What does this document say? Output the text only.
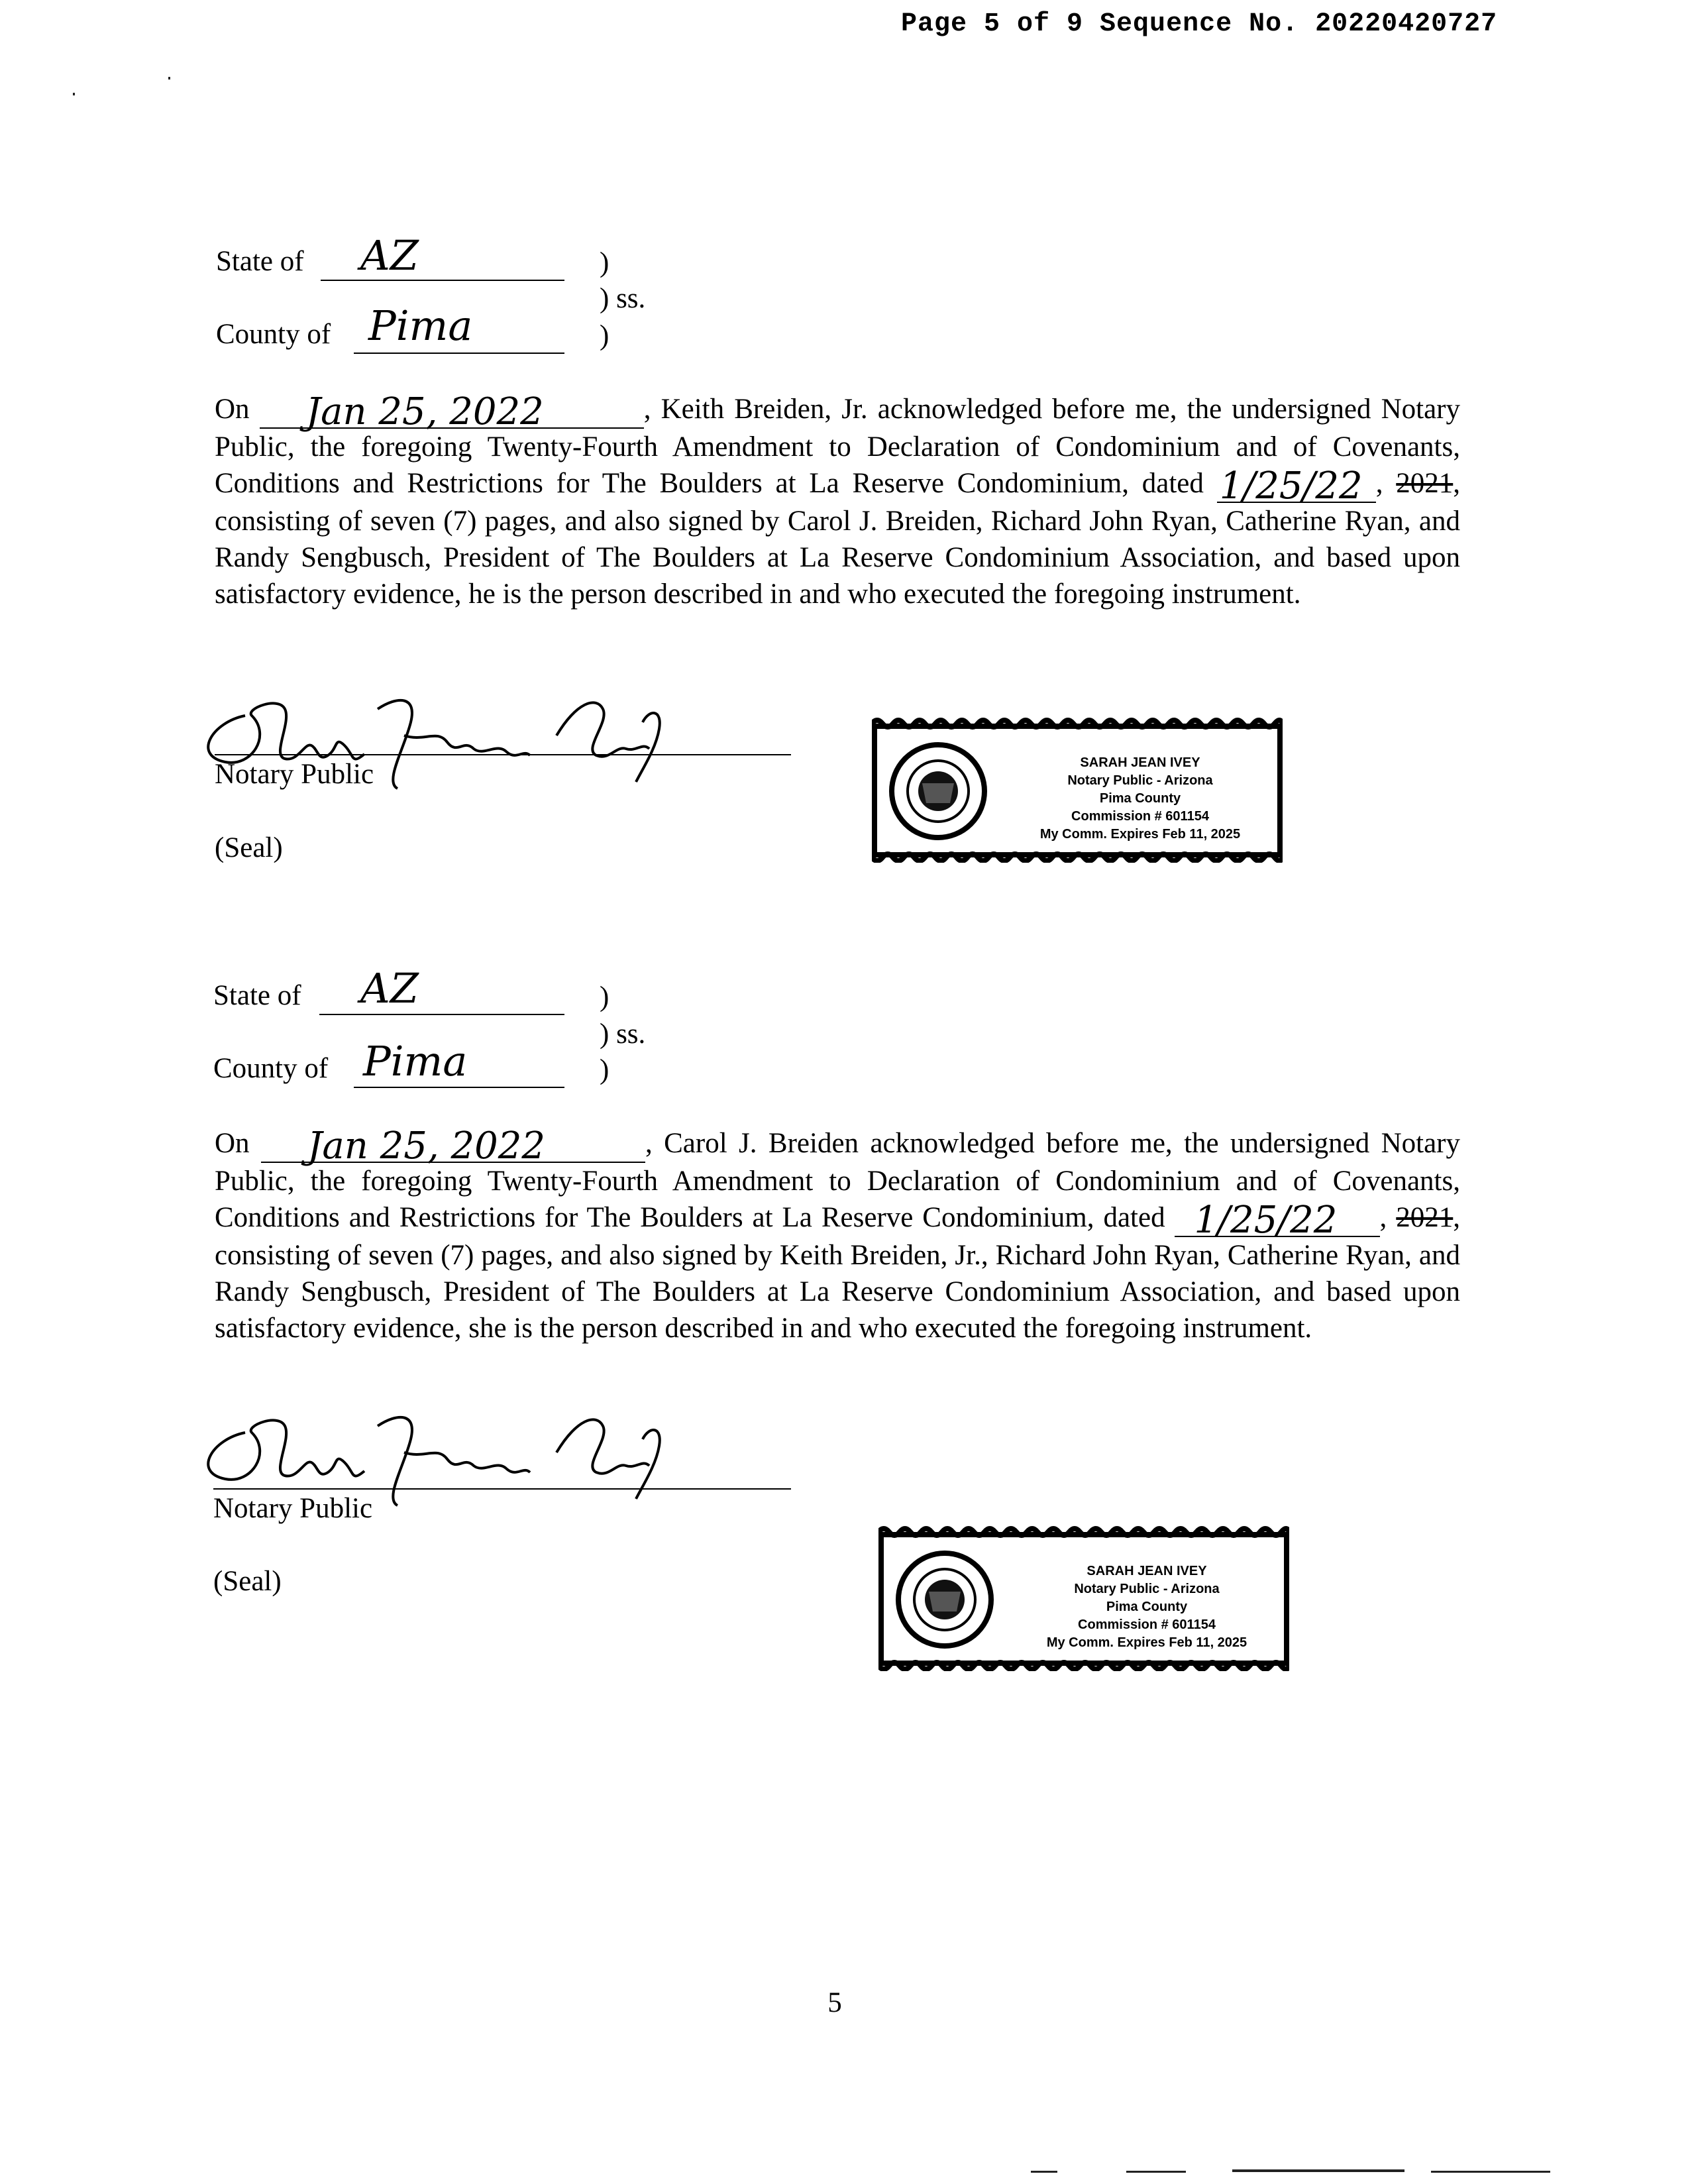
Page 5 of 9 Sequence No. 20220420727
State of AZ	)
) ss.
County of Pima	)

On Jan 25, 2022	, Keith Breiden, Jr. acknowledged before me, the undersigned Notary Public, the foregoing Twenty-Fourth Amendment to Declaration of Condominium and of Covenants, Conditions and Restrictions for The Boulders at La Reserve Condominium, dated 1/25/22 , 2021, consisting of seven (7) pages, and also signed by Carol J. Breiden, Richard John Ryan, Catherine Ryan, and Randy Sengbusch, President of The Boulders at La Reserve Condominium Association, and based upon satisfactory evidence, he is the person described in and who executed the foregoing instrument.

Notary Public
(Seal)
SARAH JEAN IVEY
Notary Public - Arizona
Pima County
Commission # 601154
My Comm. Expires Feb 11, 2025
State of AZ	)
) ss.
County of Pima	)

On Jan 25, 2022	, Carol J. Breiden acknowledged before me, the undersigned Notary Public, the foregoing Twenty-Fourth Amendment to Declaration of Condominium and of Covenants, Conditions and Restrictions for The Boulders at La Reserve Condominium, dated 1/25/22 , 2021, consisting of seven (7) pages, and also signed by Keith Breiden, Jr., Richard John Ryan, Catherine Ryan, and Randy Sengbusch, President of The Boulders at La Reserve Condominium Association, and based upon satisfactory evidence, she is the person described in and who executed the foregoing instrument.

Notary Public
(Seal)	SARAH JEAN IVEY
Notary Public - Arizona
Pima County
Commission # 601154
My Comm. Expires Feb 11, 2025
5
